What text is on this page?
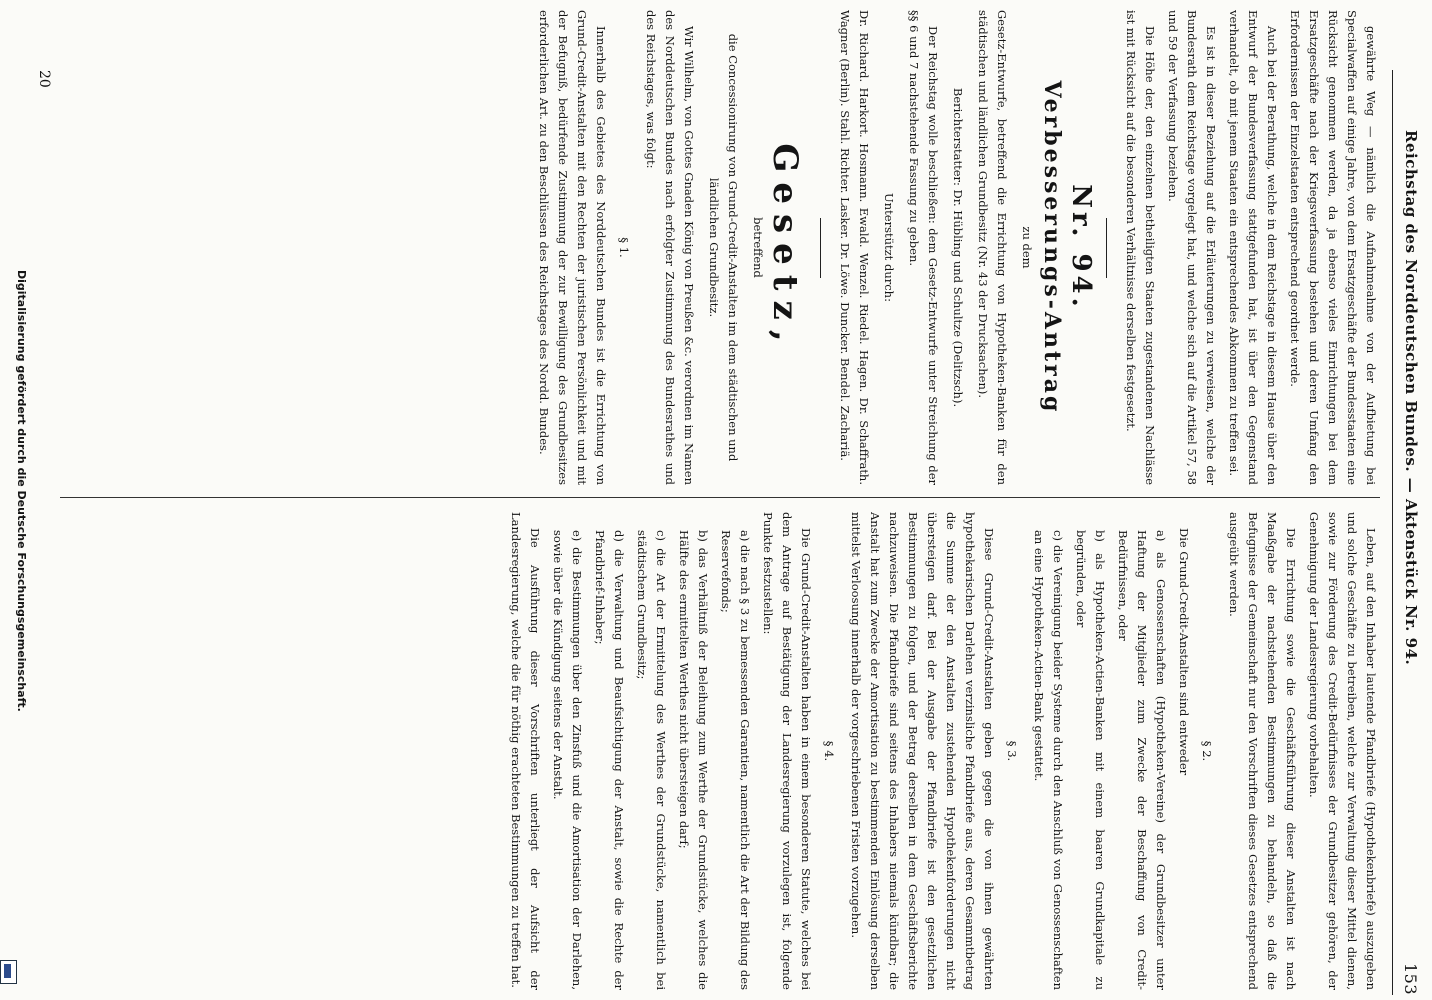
Reichstag des Norddeutschen Bundes. — Aktenstück Nr. 94.
153

gewährte Weg — nämlich die Aufnahmeahme von der Aufbietung bei Specialwaffen auf einige Jahre, von dem Ersatzgeschäfte der Bundesstaaten eine Rücksicht genommen werden, da ja ebenso vieles Einrichtungen bei dem Ersatzgeschäfte nach der Kriegsverfassung bestehen und deren Umfang den Erfordernissen der Einzelstaaten entsprechend geordnet werde.

Auch bei der Berathung, welche in dem Reichstage in diesem Hause über den Entwurf der Bundesverfassung stattgefunden hat, ist über den Gegenstand verhandelt, ob mit jenem Staaten ein entsprechendes Abkommen zu treffen sei.

Es ist in dieser Beziehung auf die Erläuterungen zu verweisen, welche der Bundesrath dem Reichstage vorgelegt hat, und welche sich auf die Artikel 57, 58 und 59 der Verfassung beziehen.

Die Höhe der, den einzelnen betheiligten Staaten zugestandenen Nachlässe ist mit Rücksicht auf die besonderen Verhältnisse derselben festgesetzt.

Nr. 94.
Verbesserungs-Antrag

zu dem

Gesetz-Entwurfe, betreffend die Errichtung von Hypotheken-Banken für den städtischen und ländlichen Grundbesitz (Nr. 43 der Drucksachen).

Berichterstatter: Dr. Hübling und Schultze (Delitzsch).

Der Reichstag wolle beschließen: dem Gesetz-Entwurfe unter Streichung der §§ 6 und 7 nachstehende Fassung zu geben.

Unterstützt durch:

Dr. Richard. Harkort. Hosmann. Ewald. Wenzel. Riedel. Hagen. Dr. Schaffrath. Wagner (Berlin). Stahl. Richter. Lasker. Dr. Löwe. Duncker. Bendel. Zachariä.

Gesetz,

betreffend

die Concessionirung von Grund-Credit-Anstalten im dem städtischen und ländlichen Grundbesitz.

Wir Wilhelm, von Gottes Gnaden König von Preußen &c. verordnen im Namen des Norddeutschen Bundes nach erfolgter Zustimmung des Bundesrathes und des Reichstages, was folgt:

§ 1.

Innerhalb des Gebietes des Norddeutschen Bundes ist die Errichtung von Grund-Credit-Anstalten mit den Rechten der juristischen Persönlichkeit und mit der Befugniß, bedürfende Zustimmung der zur Bewilligung des Grundbesitzes erforderlichen Art. zu den Beschlüssen des Reichstages des Nordd. Bundes.

Leben, auf den Inhaber lautende Pfandbriefe (Hypothekenbriefe) auszugeben und solche Geschäfte zu betreiben, welche zur Verwaltung dieser Mittel dienen, sowie zur Förderung des Credit-Bedürfnisses der Grundbesitzer gehören, der Genehmigung der Landesregierung vorbehalten.

Die Errichtung sowie die Geschäftsführung dieser Anstalten ist nach Maaßgabe der nachstehenden Bestimmungen zu behandeln, so daß die Befugnisse der Gemeinschaft nur den Vorschriften dieses Gesetzes entsprechend ausgeübt werden.

§ 2.

Die Grund-Credit-Anstalten sind entweder

a) als Genossenschaften (Hypotheken-Vereine) der Grundbesitzer unter Haftung der Mitglieder zum Zwecke der Beschaffung von Credit-Bedürfnissen, oder

b) als Hypotheken-Actien-Banken mit einem baaren Grundkapitale zu begründen, oder

c) die Vereinigung beider Systeme durch den Anschluß von Genossenschaften an eine Hypotheken-Actien-Bank gestattet.

§ 3.

Diese Grund-Credit-Anstalten geben gegen die von ihnen gewährten hypothekarischen Darlehen verzinsliche Pfandbriefe aus, deren Gesammtbetrag die Summe der den Anstalten zustehenden Hypothekenforderungen nicht übersteigen darf. Bei der Ausgabe der Pfandbriefe ist den gesetzlichen Bestimmungen zu folgen, und der Betrag derselben in dem Geschäftsberichte nachzuweisen. Die Pfandbriefe sind seitens des Inhabers niemals kündbar; die Anstalt hat zum Zwecke der Amortisation zu bestimmenden Einlösung derselben mittelst Verloosung innerhalb der vorgeschriebenen Fristen vorzugehen.

§ 4.

Die Grund-Credit-Anstalten haben in einem besonderen Statute, welches bei dem Antrage auf Bestätigung der Landesregierung vorzulegen ist, folgende Punkte festzustellen:

a) die nach § 3 zu bemessenden Garantien, namentlich die Art der Bildung des Reservefonds;

b) das Verhältniß der Beleihung zum Werthe der Grundstücke, welches die Hälfte des ermittelten Werthes nicht übersteigen darf;

c) die Art der Ermittelung des Werthes der Grundstücke, namentlich bei städtischem Grundbesitz;

d) die Verwaltung und Beaufsichtigung der Anstalt, sowie die Rechte der Pfandbrief-Inhaber;

e) die Bestimmungen über den Zinsfuß und die Amortisation der Darlehen, sowie über die Kündigung seitens der Anstalt.

Die Ausführung dieser Vorschriften unterliegt der Aufsicht der Landesregierung, welche die für nöthig erachteten Bestimmungen zu treffen hat.

20
Digitalisierung gefördert durch die Deutsche Forschungsgemeinschaft.
